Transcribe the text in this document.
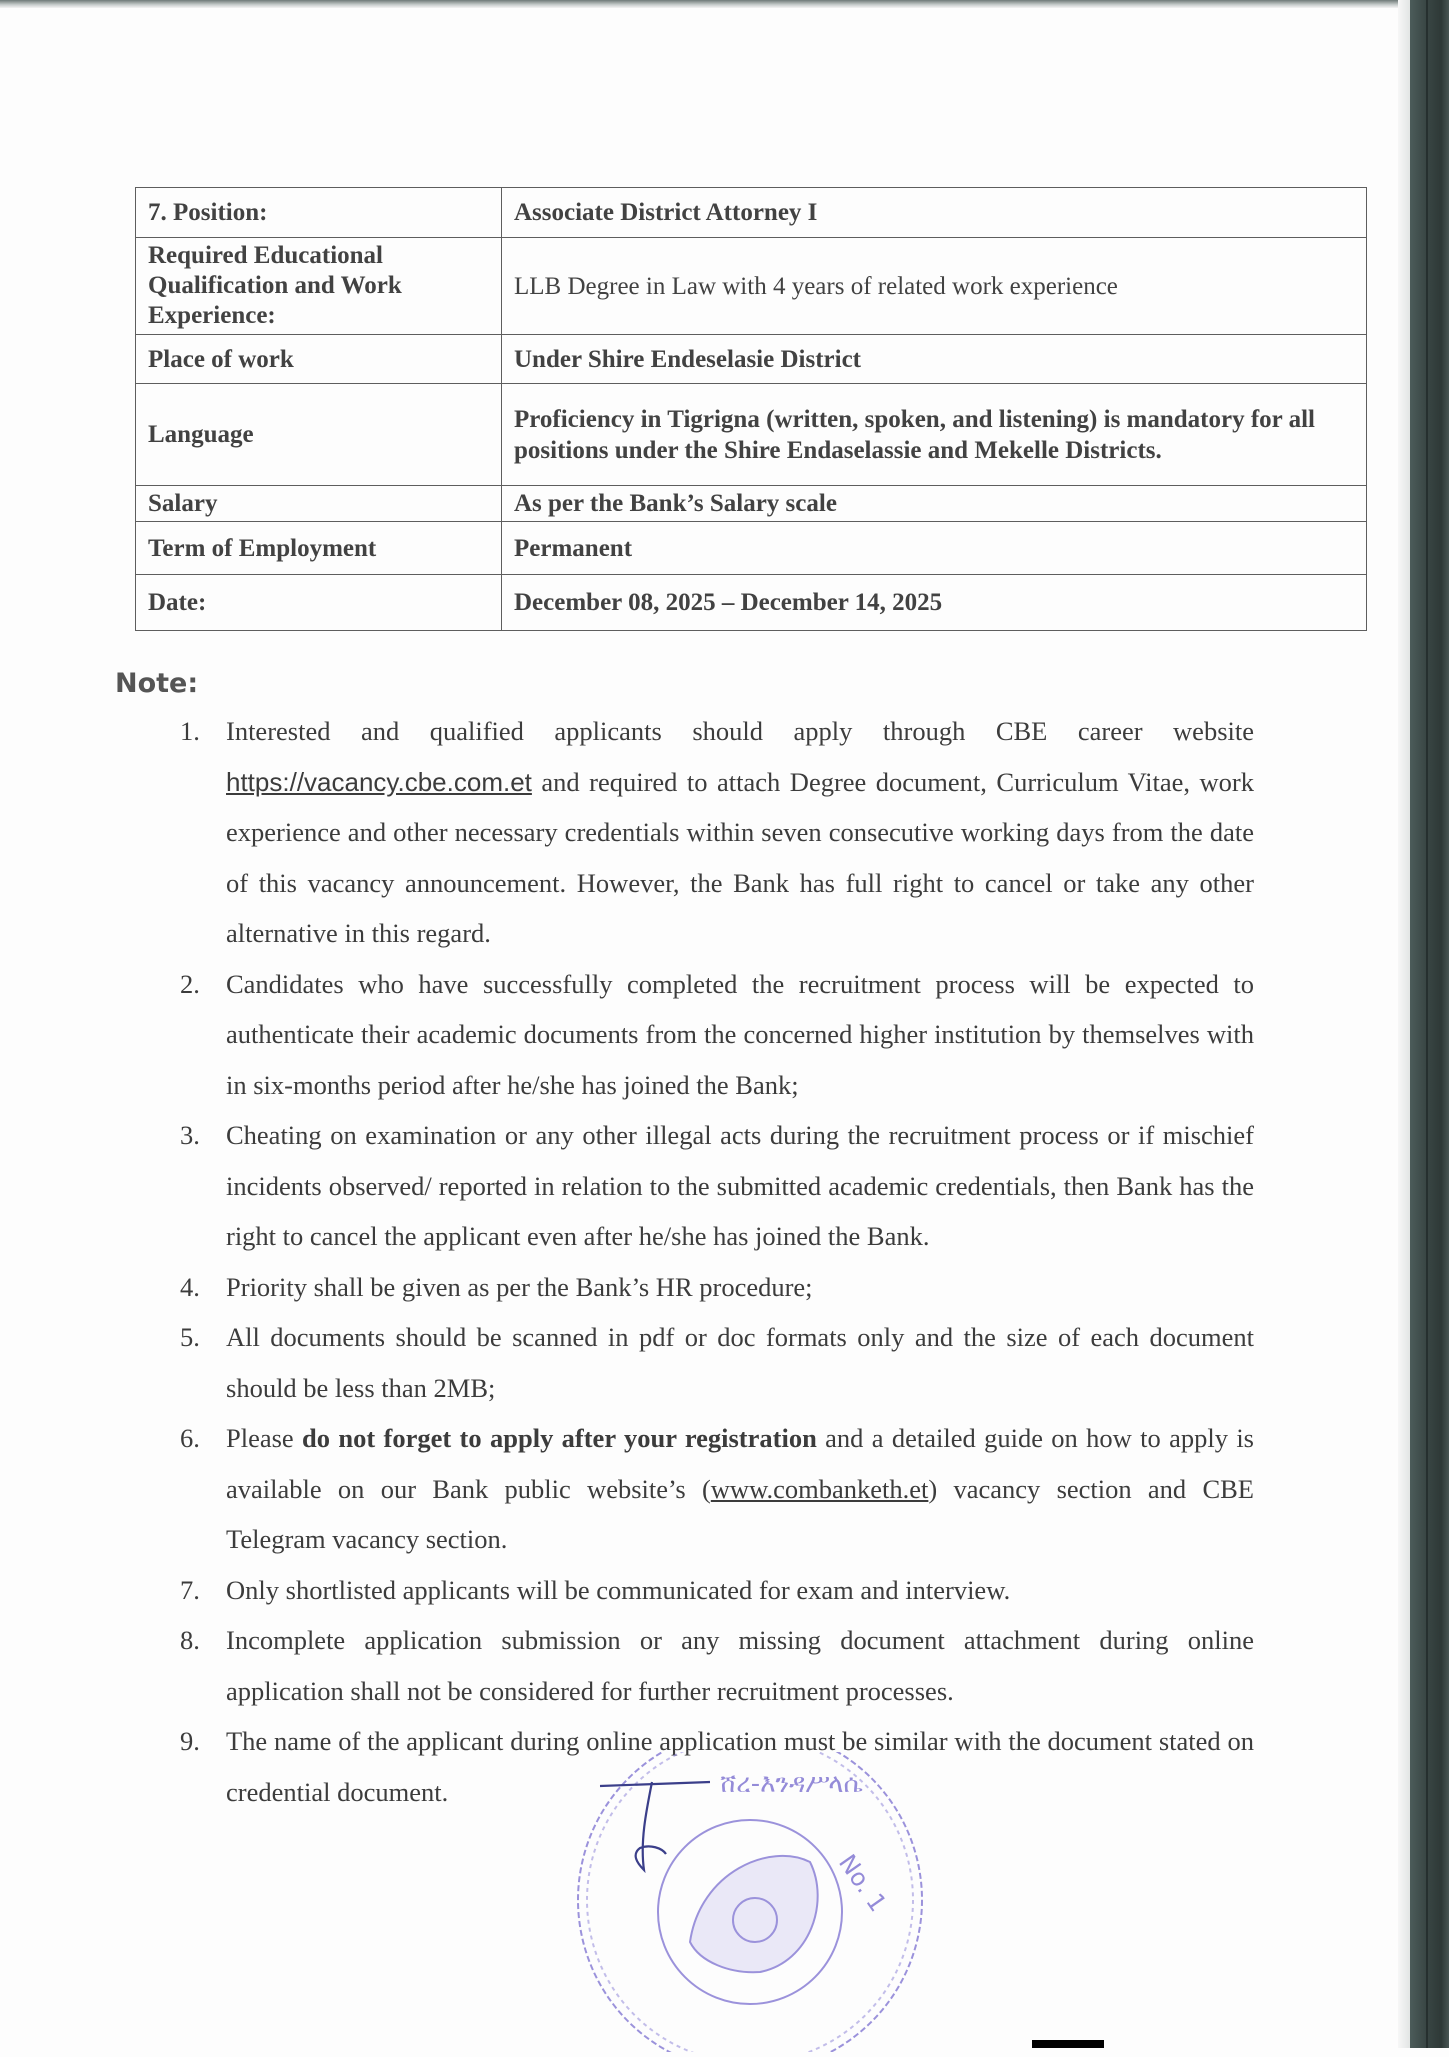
7. Position:	Associate District Attorney I
Required Educational Qualification and Work Experience:	LLB Degree in Law with 4 years of related work experience
Place of work	Under Shire Endeselasie District
Language	Proficiency in Tigrigna (written, spoken, and listening) is mandatory for all positions under the Shire Endaselassie and Mekelle Districts.
Salary	As per the Bank’s Salary scale
Term of Employment	Permanent
Date:	December 08, 2025 – December 14, 2025
Note:
1. Interested and qualified applicants should apply through CBE career website https://vacancy.cbe.com.et and required to attach Degree document, Curriculum Vitae, work experience and other necessary credentials within seven consecutive working days from the date of this vacancy announcement. However, the Bank has full right to cancel or take any other alternative in this regard.
2. Candidates who have successfully completed the recruitment process will be expected to authenticate their academic documents from the concerned higher institution by themselves with in six-months period after he/she has joined the Bank;
3. Cheating on examination or any other illegal acts during the recruitment process or if mischief incidents observed/ reported in relation to the submitted academic credentials, then Bank has the right to cancel the applicant even after he/she has joined the Bank.
4. Priority shall be given as per the Bank’s HR procedure;
5. All documents should be scanned in pdf or doc formats only and the size of each document should be less than 2MB;
6. Please do not forget to apply after your registration and a detailed guide on how to apply is available on our Bank public website’s (www.combanketh.et) vacancy section and CBE Telegram vacancy section.
7. Only shortlisted applicants will be communicated for exam and interview.
8. Incomplete application submission or any missing document attachment during online application shall not be considered for further recruitment processes.
9. The name of the applicant during online application must be similar with the document stated on credential document.	ሸረ-እንዳሥላሴ
No. 1
